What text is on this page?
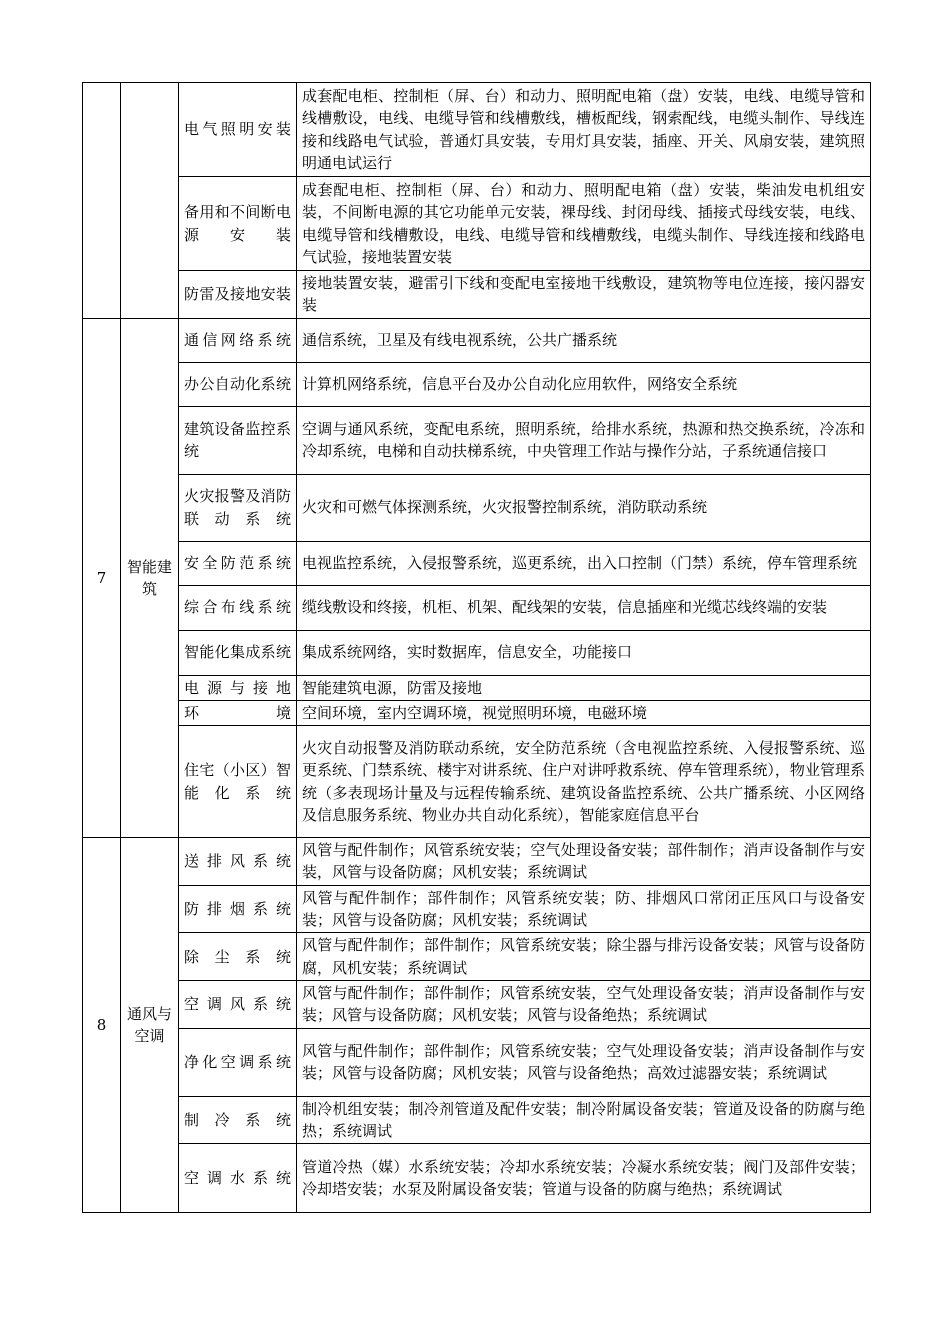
		电气照明安装	成套配电柜、控制柜（屏、台）和动力、照明配电箱（盘）安装，电线、电缆导管和线槽敷设，电线、电缆导管和线槽敷线，槽板配线，钢索配线，电缆头制作、导线连接和线路电气试验，普通灯具安装，专用灯具安装，插座、开关、风扇安装，建筑照明通电试运行
		备用和不间断电源安装	成套配电柜、控制柜（屏、台）和动力、照明配电箱（盘）安装，柴油发电机组安装，不间断电源的其它功能单元安装，裸母线、封闭母线、插接式母线安装，电线、电缆导管和线槽敷设，电线、电缆导管和线槽敷线，电缆头制作、导线连接和线路电气试验，接地装置安装
		防雷及接地安装	接地装置安装，避雷引下线和变配电室接地干线敷设，建筑物等电位连接，接闪器安装
7	智能建筑	通信网络系统	通信系统，卫星及有线电视系统，公共广播系统
		办公自动化系统	计算机网络系统，信息平台及办公自动化应用软件，网络安全系统
		建筑设备监控系统	空调与通风系统，变配电系统，照明系统，给排水系统，热源和热交换系统，冷冻和冷却系统，电梯和自动扶梯系统，中央管理工作站与操作分站，子系统通信接口
		火灾报警及消防联动系统	火灾和可燃气体探测系统，火灾报警控制系统，消防联动系统
		安全防范系统	电视监控系统，入侵报警系统，巡更系统，出入口控制（门禁）系统，停车管理系统
		综合布线系统	缆线敷设和终接，机柜、机架、配线架的安装，信息插座和光缆芯线终端的安装
		智能化集成系统	集成系统网络，实时数据库，信息安全，功能接口
		电源与接地	智能建筑电源，防雷及接地
		环境	空间环境，室内空调环境，视觉照明环境，电磁环境
		住宅（小区）智能化系统	火灾自动报警及消防联动系统，安全防范系统（含电视监控系统、入侵报警系统、巡更系统、门禁系统、楼宇对讲系统、住户对讲呼救系统、停车管理系统），物业管理系统（多表现场计量及与远程传输系统、建筑设备监控系统、公共广播系统、小区网络及信息服务系统、物业办共自动化系统），智能家庭信息平台
8	通风与空调	送排风系统	风管与配件制作；风管系统安装；空气处理设备安装；部件制作；消声设备制作与安装，风管与设备防腐；风机安装；系统调试
		防排烟系统	风管与配件制作；部件制作；风管系统安装；防、排烟风口常闭正压风口与设备安装；风管与设备防腐；风机安装；系统调试
		除尘系统	风管与配件制作；部件制作；风管系统安装；除尘器与排污设备安装；风管与设备防腐，风机安装；系统调试
		空调风系统	风管与配件制作；部件制作；风管系统安装，空气处理设备安装；消声设备制作与安装；风管与设备防腐；风机安装；风管与设备绝热；系统调试
		净化空调系统	风管与配件制作；部件制作；风管系统安装；空气处理设备安装；消声设备制作与安装；风管与设备防腐；风机安装；风管与设备绝热；高效过滤器安装；系统调试
		制冷系统	制冷机组安装；制冷剂管道及配件安装；制冷附属设备安装；管道及设备的防腐与绝热；系统调试
		空调水系统	管道冷热（媒）水系统安装；冷却水系统安装；冷凝水系统安装；阀门及部件安装；冷却塔安装；水泵及附属设备安装；管道与设备的防腐与绝热；系统调试
